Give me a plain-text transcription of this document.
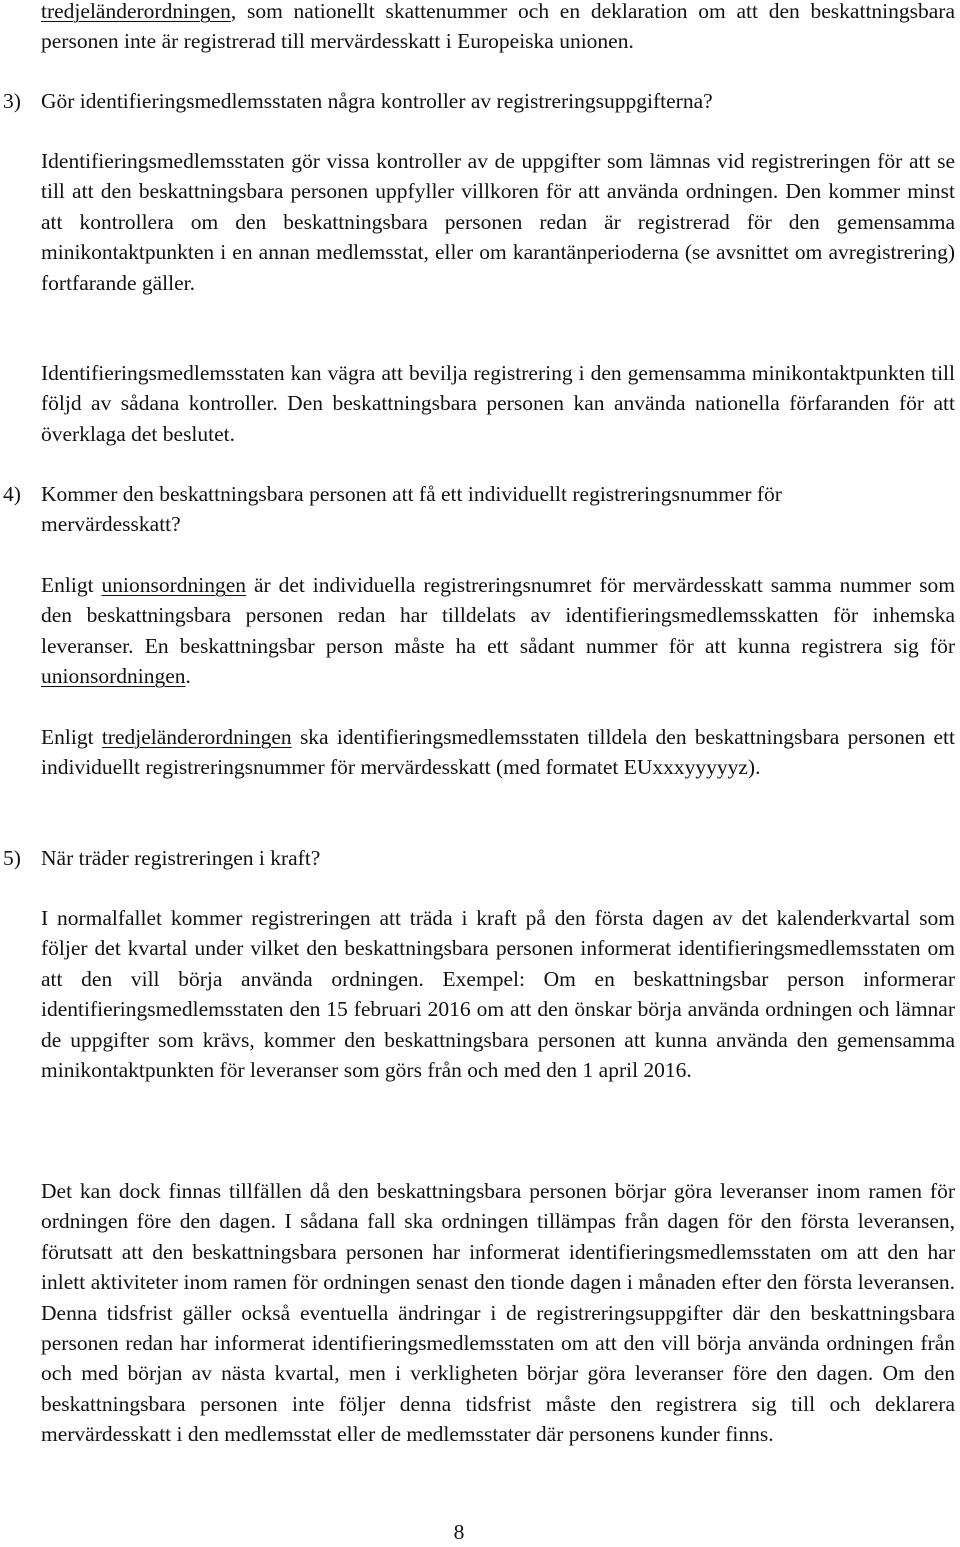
tredjeländerordningen, som nationellt skattenummer och en deklaration om att den beskattningsbara personen inte är registrerad till mervärdesskatt i Europeiska unionen.

3) Gör identifieringsmedlemsstaten några kontroller av registreringsuppgifterna?

Identifieringsmedlemsstaten gör vissa kontroller av de uppgifter som lämnas vid registreringen för att se till att den beskattningsbara personen uppfyller villkoren för att använda ordningen. Den kommer minst att kontrollera om den beskattningsbara personen redan är registrerad för den gemensamma minikontaktpunkten i en annan medlemsstat, eller om karantänperioderna (se avsnittet om avregistrering) fortfarande gäller.

Identifieringsmedlemsstaten kan vägra att bevilja registrering i den gemensamma minikontaktpunkten till följd av sådana kontroller. Den beskattningsbara personen kan använda nationella förfaranden för att överklaga det beslutet.

4) Kommer den beskattningsbara personen att få ett individuellt registreringsnummer för
mervärdesskatt?

Enligt unionsordningen är det individuella registreringsnumret för mervärdesskatt samma nummer som den beskattningsbara personen redan har tilldelats av identifieringsmedlemsskatten för inhemska leveranser. En beskattningsbar person måste ha ett sådant nummer för att kunna registrera sig för unionsordningen.

Enligt tredjeländerordningen ska identifieringsmedlemsstaten tilldela den beskattningsbara personen ett individuellt registreringsnummer för mervärdesskatt (med formatet EUxxxyyyyyz).

5) När träder registreringen i kraft?

I normalfallet kommer registreringen att träda i kraft på den första dagen av det kalenderkvartal som följer det kvartal under vilket den beskattningsbara personen informerat identifieringsmedlemsstaten om att den vill börja använda ordningen. Exempel: Om en beskattningsbar person informerar identifieringsmedlemsstaten den 15 februari 2016 om att den önskar börja använda ordningen och lämnar de uppgifter som krävs, kommer den beskattningsbara personen att kunna använda den gemensamma minikontaktpunkten för leveranser som görs från och med den 1 april 2016.

Det kan dock finnas tillfällen då den beskattningsbara personen börjar göra leveranser inom ramen för ordningen före den dagen. I sådana fall ska ordningen tillämpas från dagen för den första leveransen, förutsatt att den beskattningsbara personen har informerat identifieringsmedlemsstaten om att den har inlett aktiviteter inom ramen för ordningen senast den tionde dagen i månaden efter den första leveransen. Denna tidsfrist gäller också eventuella ändringar i de registreringsuppgifter där den beskattningsbara personen redan har informerat identifieringsmedlemsstaten om att den vill börja använda ordningen från och med början av nästa kvartal, men i verkligheten börjar göra leveranser före den dagen. Om den beskattningsbara personen inte följer denna tidsfrist måste den registrera sig till och deklarera mervärdesskatt i den medlemsstat eller de medlemsstater där personens kunder finns.

8
